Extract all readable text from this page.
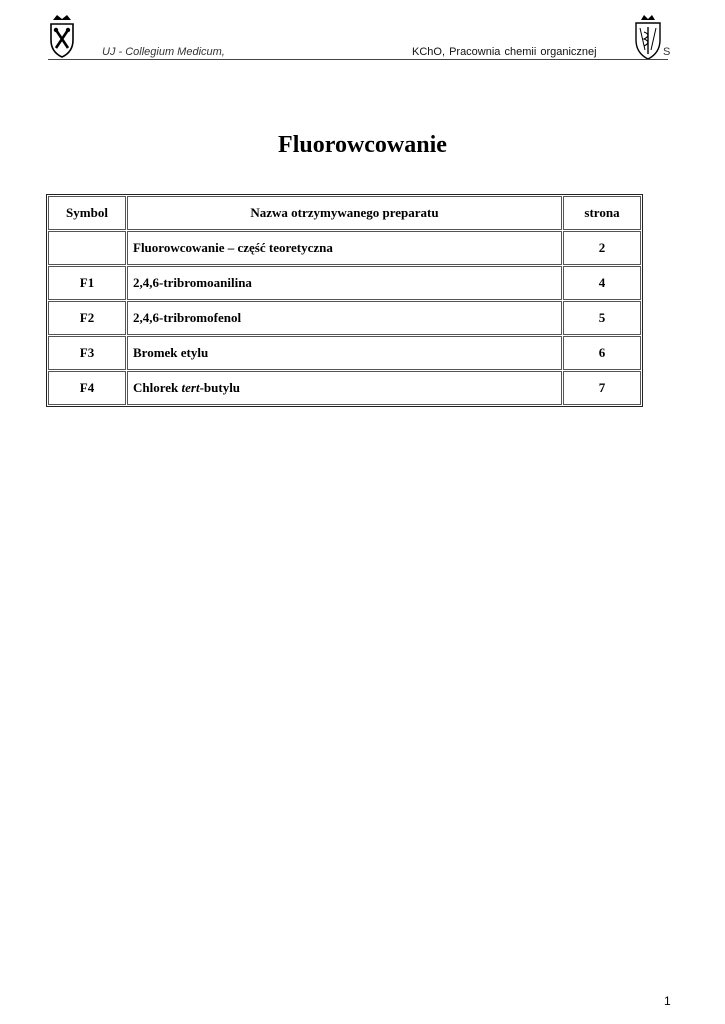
UJ - Collegium Medicum,	KChO, Pracownia chemii organicznej	S
Fluorowcowanie
Symbol	Nazwa otrzymywanego preparatu	strona
	Fluorowcowanie – część teoretyczna	2
F1	2,4,6-tribromoanilina	4
F2	2,4,6-tribromofenol	5
F3	Bromek etylu	6
F4	Chlorek tert-butylu	7
1
